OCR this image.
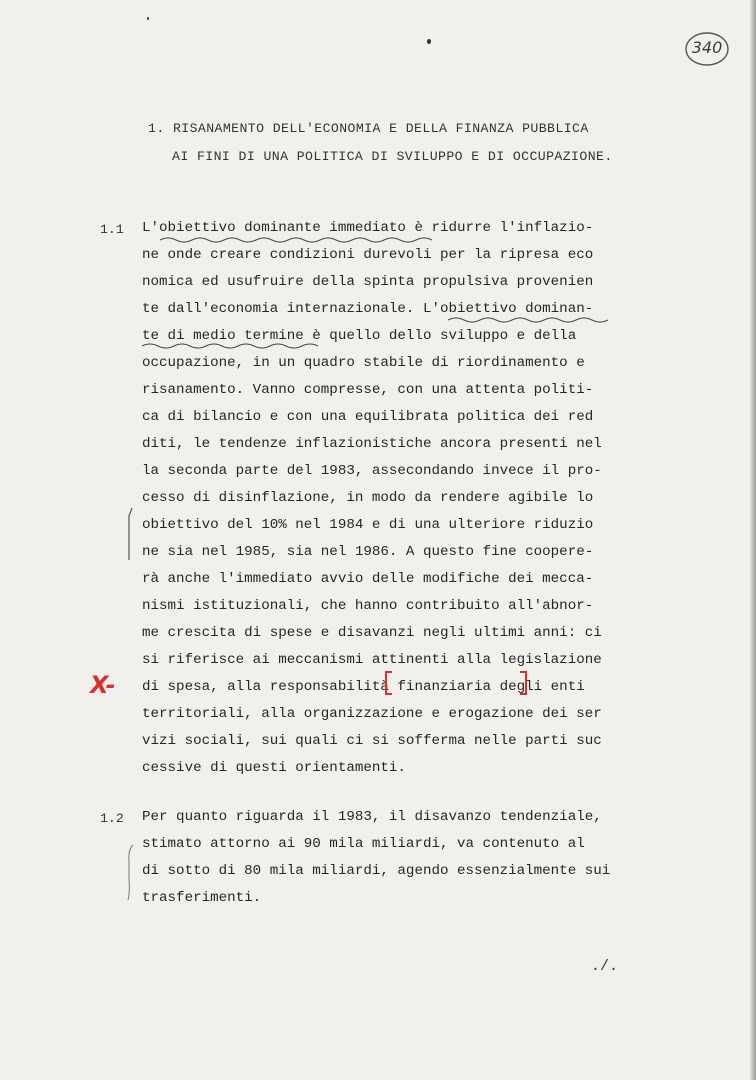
340
1. RISANAMENTO DELL'ECONOMIA E DELLA FINANZA PUBBLICA
AI FINI DI UNA POLITICA DI SVILUPPO E DI OCCUPAZIONE.
1.1 L'obiettivo dominante immediato è ridurre l'inflazio-
ne onde creare condizioni durevoli per la ripresa eco
nomica ed usufruire della spinta propulsiva provenien
te dall'economia internazionale. L'obiettivo dominan-
te di medio termine è quello dello sviluppo e della
occupazione, in un quadro stabile di riordinamento e
risanamento. Vanno compresse, con una attenta politi-
ca di bilancio e con una equilibrata politica dei red
diti, le tendenze inflazionistiche ancora presenti nel
la seconda parte del 1983, assecondando invece il pro-
cesso di disinflazione, in modo da rendere agibile lo
obiettivo del 10% nel 1984 e di una ulteriore riduzio
ne sia nel 1985, sia nel 1986. A questo fine coopere-
rà anche l'immediato avvio delle modifiche dei mecca-
nismi istituzionali, che hanno contribuito all'abnor-
me crescita di spese e disavanzi negli ultimi anni: ci
si riferisce ai meccanismi attinenti alla legislazione
di spesa, alla responsabilità finanziaria degli enti
territoriali, alla organizzazione e erogazione dei ser
vizi sociali, sui quali ci si sofferma nelle parti suc
cessive di questi orientamenti.
1.2 Per quanto riguarda il 1983, il disavanzo tendenziale,
stimato attorno ai 90 mila miliardi, va contenuto al
di sotto di 80 mila miliardi, agendo essenzialmente sui
trasferimenti.
X-
./.
